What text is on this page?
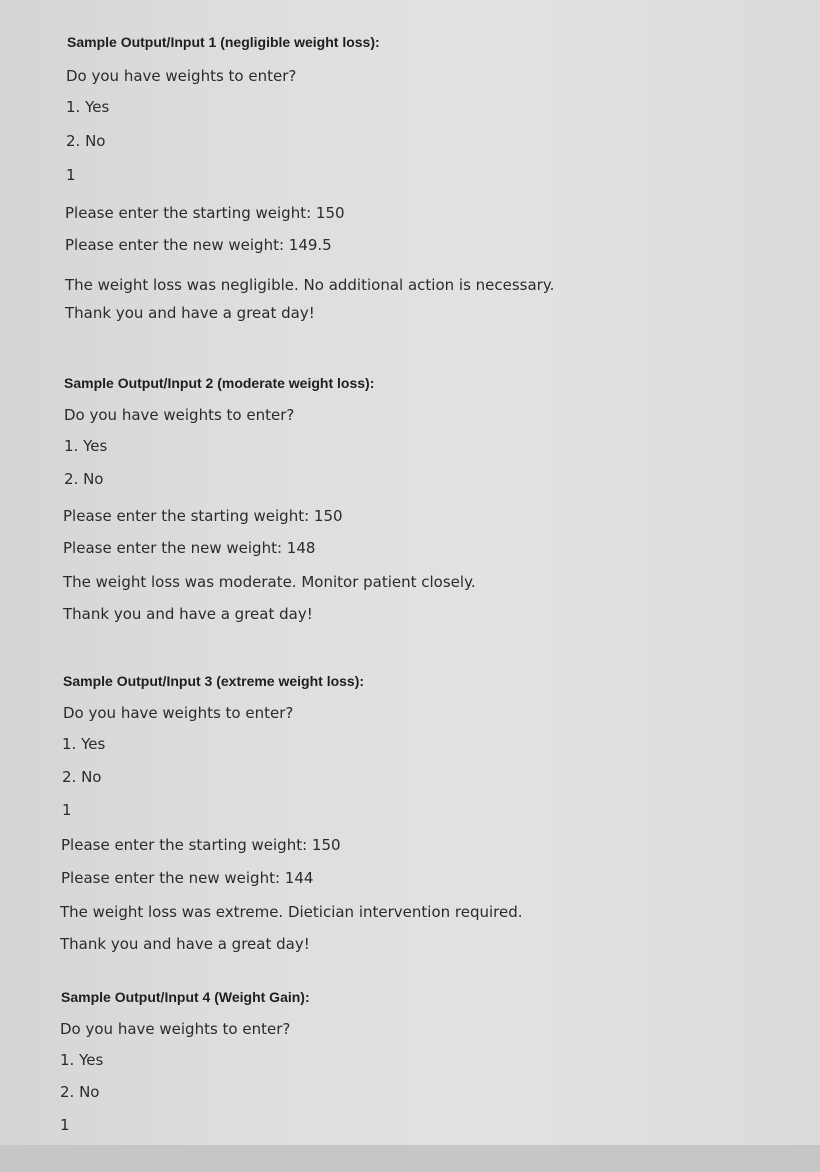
Sample Output/Input 1 (negligible weight loss):
Do you have weights to enter?
1. Yes
2. No
1
Please enter the starting weight: 150
Please enter the new weight: 149.5
The weight loss was negligible. No additional action is necessary.
Thank you and have a great day!
Sample Output/Input 2 (moderate weight loss):
Do you have weights to enter?
1. Yes
2. No
Please enter the starting weight: 150
Please enter the new weight: 148
The weight loss was moderate. Monitor patient closely.
Thank you and have a great day!
Sample Output/Input 3 (extreme weight loss):
Do you have weights to enter?
1. Yes
2. No
1
Please enter the starting weight: 150
Please enter the new weight: 144
The weight loss was extreme. Dietician intervention required.
Thank you and have a great day!
Sample Output/Input 4 (Weight Gain):
Do you have weights to enter?
1. Yes
2. No
1
